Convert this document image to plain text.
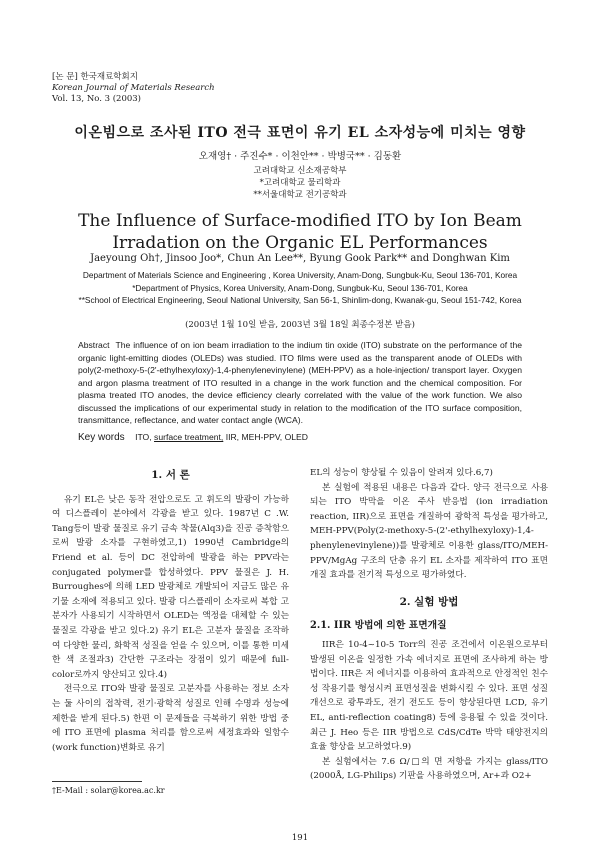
[논 문] 한국재료학회지
Korean Journal of Materials Research
Vol. 13, No. 3 (2003)
이온빔으로 조사된 ITO 전극 표면이 유기 EL 소자성능에 미치는 영향
오재영† · 주진수* · 이천안** · 박병국** · 김동환
고려대학교 신소재공학부
*고려대학교 물리학과
**서울대학교 전기공학과
The Influence of Surface-modified ITO by Ion Beam
Irradation on the Organic EL Performances
Jaeyoung Oh†, Jinsoo Joo*, Chun An Lee**, Byung Gook Park** and Donghwan Kim
Department of Materials Science and Engineering , Korea University, Anam-Dong, Sungbuk-Ku, Seoul 136-701, Korea
*Department of Physics, Korea University, Anam-Dong, Sungbuk-Ku, Seoul 136-701, Korea
**School of Electrical Engineering, Seoul National University, San 56-1, Shinlim-dong, Kwanak-gu, Seoul 151-742, Korea
(2003년 1월 10일 받음, 2003년 3월 18일 최종수정본 받음)
Abstract The influence of on ion beam irradiation to the indium tin oxide (ITO) substrate on the performance of the organic light-emitting diodes (OLEDs) was studied. ITO films were used as the transparent anode of OLEDs with poly(2-methoxy-5-(2'-ethylhexyloxy)-1,4-phenylenevinylene) (MEH-PPV) as a hole-injection/ transport layer. Oxygen and argon plasma treatment of ITO resulted in a change in the work function and the chemical composition. For plasma treated ITO anodes, the device efficiency clearly correlated with the value of the work function. We also discussed the implications of our experimental study in relation to the modification of the ITO surface composition, transmittance, reflectance, and water contact angle (WCA).
Key words ITO, surface treatment, IIR, MEH-PPV, OLED
1. 서 론

유기 EL은 낮은 동작 전압으로도 고 휘도의 발광이 가능하여 디스플레이 분야에서 각광을 받고 있다. 1987년 C .W. Tang등이 발광 물질로 유기 금속 착물(Alq3)을 진공 증착함으로써 발광 소자를 구현하였고,1) 1990년 Cambridge의 Friend et al. 등이 DC 전압하에 발광을 하는 PPV라는 conjugated polymer를 합성하였다. PPV 물질은 J. H. Burroughes에 의해 LED 발광체로 개발되어 지금도 많은 유기물 소재에 적용되고 있다. 발광 디스플레이 소자로써 복합 고분자가 사용되기 시작하면서 OLED는 액정을 대체할 수 있는 물질로 각광을 받고 있다.2) 유기 EL은 고분자 물질을 조작하여 다양한 물리, 화학적 성질을 얻을 수 있으며, 이를 통한 미세한 색 조절과3) 간단한 구조라는 장점이 있기 때문에 full-color로까지 양산되고 있다.4)

전극으로 ITO와 발광 물질로 고분자를 사용하는 정보 소자는 둘 사이의 접착력, 전기·광학적 성질로 인해 수명과 성능에 제한을 받게 된다.5) 한편 이 문제들을 극복하기 위한 방법 중에 ITO 표면에 plasma 처리를 함으로써 세정효과와 일함수 (work function)변화로 유기

EL의 성능이 향상될 수 있음이 알려져 있다.6,7)

본 실험에 적용된 내용은 다음과 같다. 양극 전극으로 사용되는 ITO 박막을 이온 주사 반응법 (ion irradiation reaction, IIR)으로 표면을 개질하여 광학적 특성을 평가하고, MEH-PPV(Poly(2-methoxy-5-(2'-ethylhexyloxy)-1,4-phenylenevinylene))를 발광체로 이용한 glass/ITO/MEH-PPV/MgAg 구조의 단층 유기 EL 소자를 제작하여 ITO 표면 개질 효과를 전기적 특성으로 평가하였다.

2. 실험 방법
2.1. IIR 방법에 의한 표면개질

IIR은 10-4~10-5 Torr의 진공 조건에서 이온원으로부터 발생된 이온을 일정한 가속 에너지로 표면에 조사하게 하는 방법이다. IIR은 저 에너지를 이용하여 효과적으로 안정적인 친수성 작용기를 형성시켜 표면성질을 변화시킬 수 있다. 표면 성질 개선으로 광투과도, 전기 전도도 등이 향상된다면 LCD, 유기 EL, anti-reflection coating8) 등에 응용될 수 있을 것이다. 최근 J. Heo 등은 IIR 방법으로 CdS/CdTe 박막 태양전지의 효율 향상을 보고하였다.9)

본 실험에서는 7.6 Ω/□의 면 저항을 가지는 glass/ITO (2000Å, LG-Philips) 기판을 사용하였으며, Ar+과 O2+

†E-Mail : solar@korea.ac.kr
191
